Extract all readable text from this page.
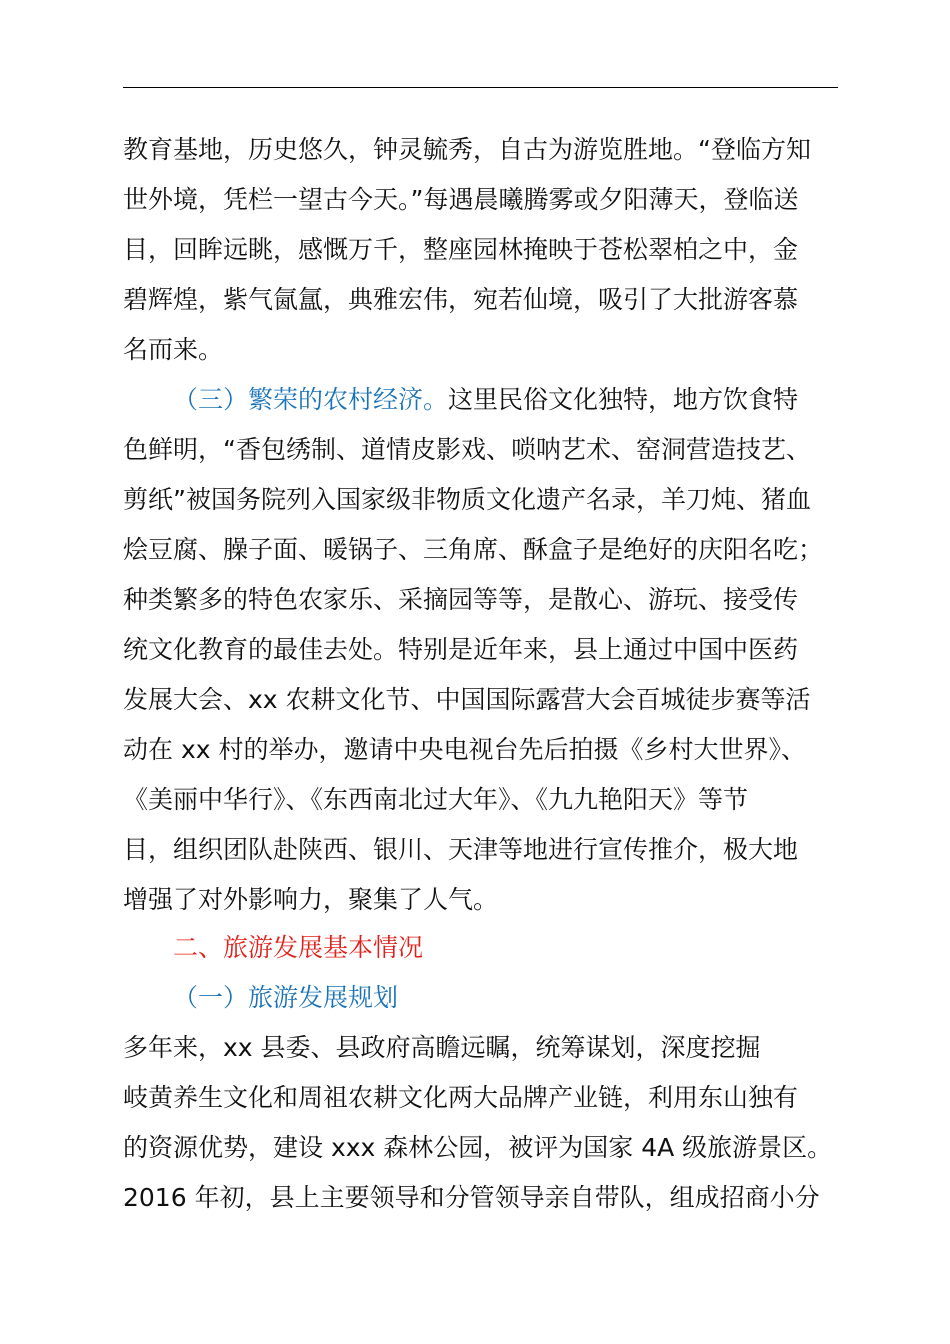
教育基地，历史悠久，钟灵毓秀，自古为游览胜地。“登临方知

世外境，凭栏一望古今天。”每遇晨曦腾雾或夕阳薄天，登临送

目，回眸远眺，感慨万千，整座园林掩映于苍松翠柏之中，金

碧辉煌，紫气氤氲，典雅宏伟，宛若仙境，吸引了大批游客慕

名而来。

（三）繁荣的农村经济。这里民俗文化独特，地方饮食特

色鲜明，“香包绣制、道情皮影戏、唢呐艺术、窑洞营造技艺、

剪纸”被国务院列入国家级非物质文化遗产名录，羊刀炖、猪血

烩豆腐、臊子面、暖锅子、三角席、酥盒子是绝好的庆阳名吃；

种类繁多的特色农家乐、采摘园等等，是散心、游玩、接受传

统文化教育的最佳去处。特别是近年来，县上通过中国中医药

发展大会、xx 农耕文化节、中国国际露营大会百城徒步赛等活

动在 xx 村的举办，邀请中央电视台先后拍摄《乡村大世界》、

《美丽中华行》、《东西南北过大年》、《九九艳阳天》等节

目，组织团队赴陕西、银川、天津等地进行宣传推介，极大地

增强了对外影响力，聚集了人气。

二、旅游发展基本情况

（一）旅游发展规划

多年来，xx 县委、县政府高瞻远瞩，统筹谋划，深度挖掘

岐黄养生文化和周祖农耕文化两大品牌产业链，利用东山独有

的资源优势，建设 xxx 森林公园，被评为国家 4A 级旅游景区。

2016 年初，县上主要领导和分管领导亲自带队，组成招商小分
